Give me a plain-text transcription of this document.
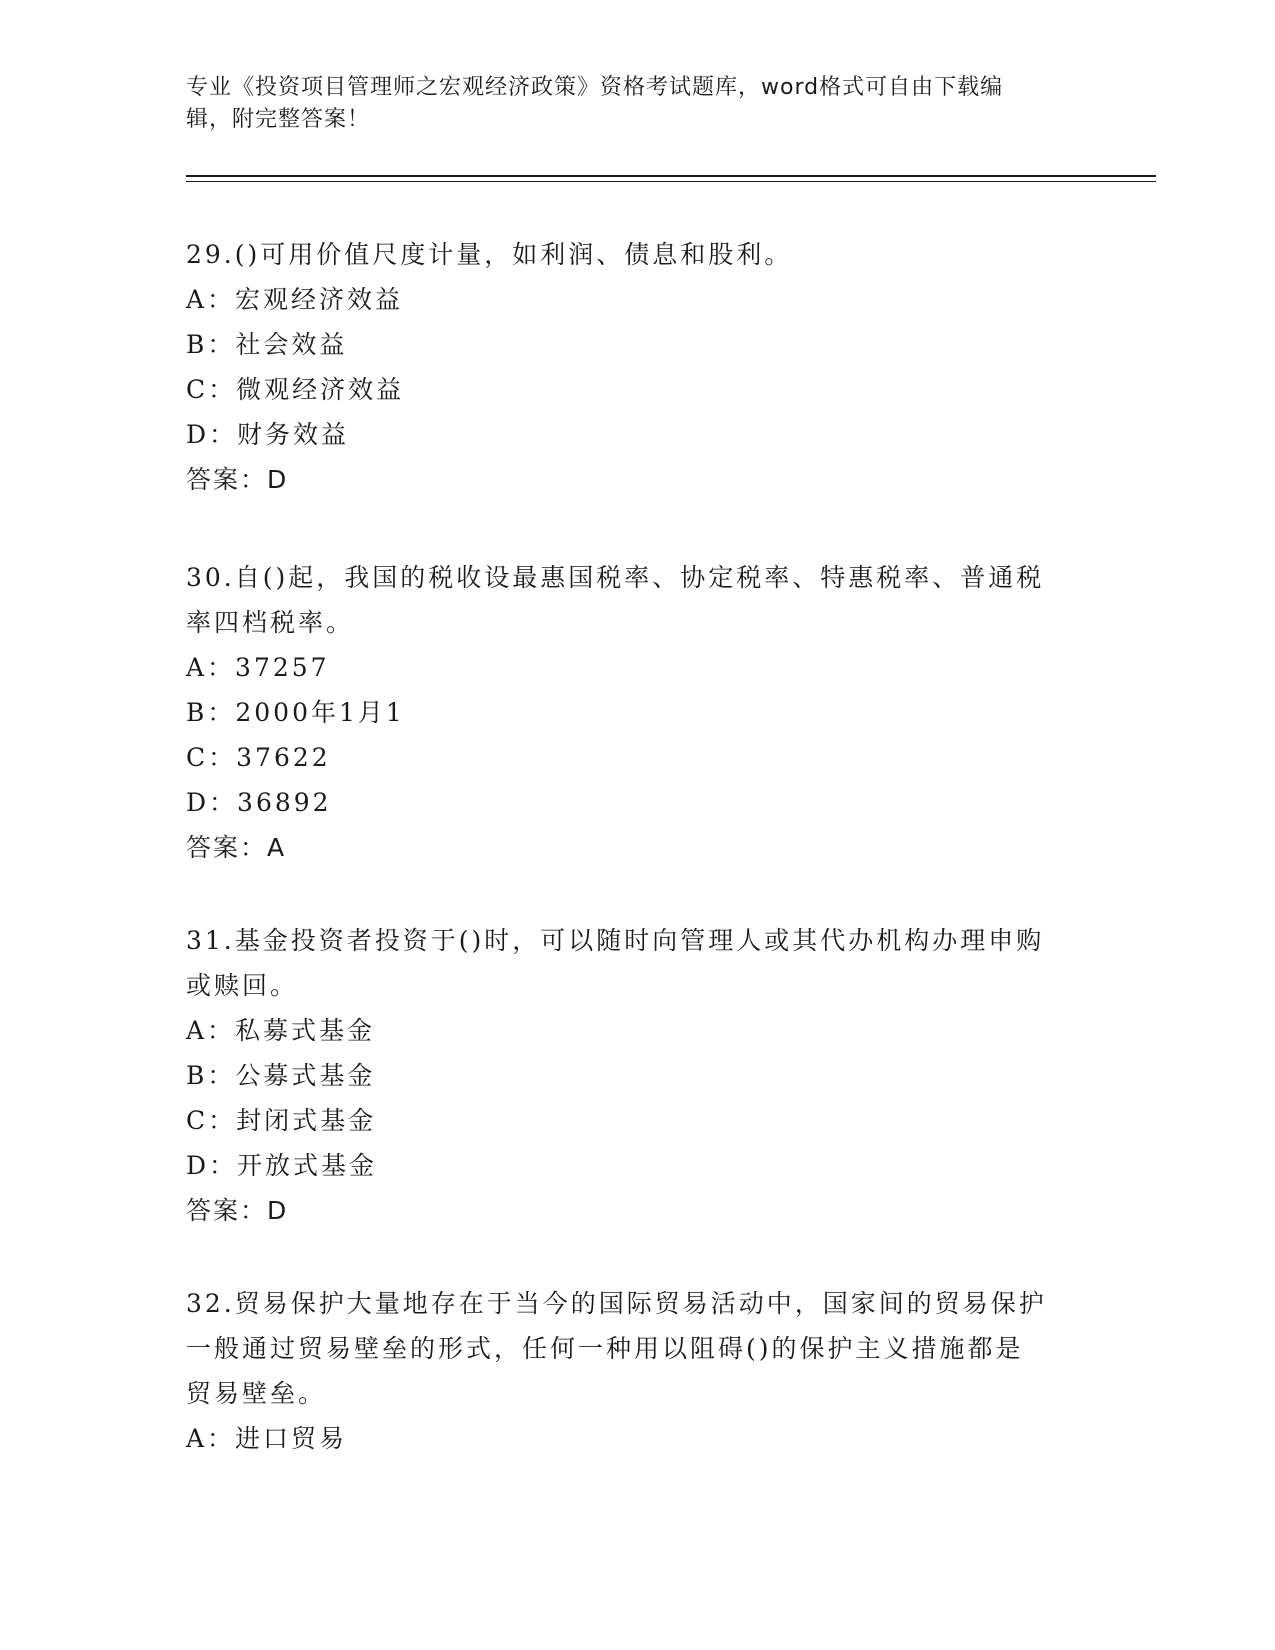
专业《投资项目管理师之宏观经济政策》资格考试题库，word格式可自由下载编
辑，附完整答案！

29.()可用价值尺度计量，如利润、债息和股利。

A：宏观经济效益

B：社会效益

C：微观经济效益

D：财务效益

答案：D

30.自()起，我国的税收设最惠国税率、协定税率、特惠税率、普通税

率四档税率。

A：37257

B：2000年1月1

C：37622

D：36892

答案：A

31.基金投资者投资于()时，可以随时向管理人或其代办机构办理申购

或赎回。

A：私募式基金

B：公募式基金

C：封闭式基金

D：开放式基金

答案：D

32.贸易保护大量地存在于当今的国际贸易活动中，国家间的贸易保护

一般通过贸易壁垒的形式，任何一种用以阻碍()的保护主义措施都是

贸易壁垒。

A：进口贸易
